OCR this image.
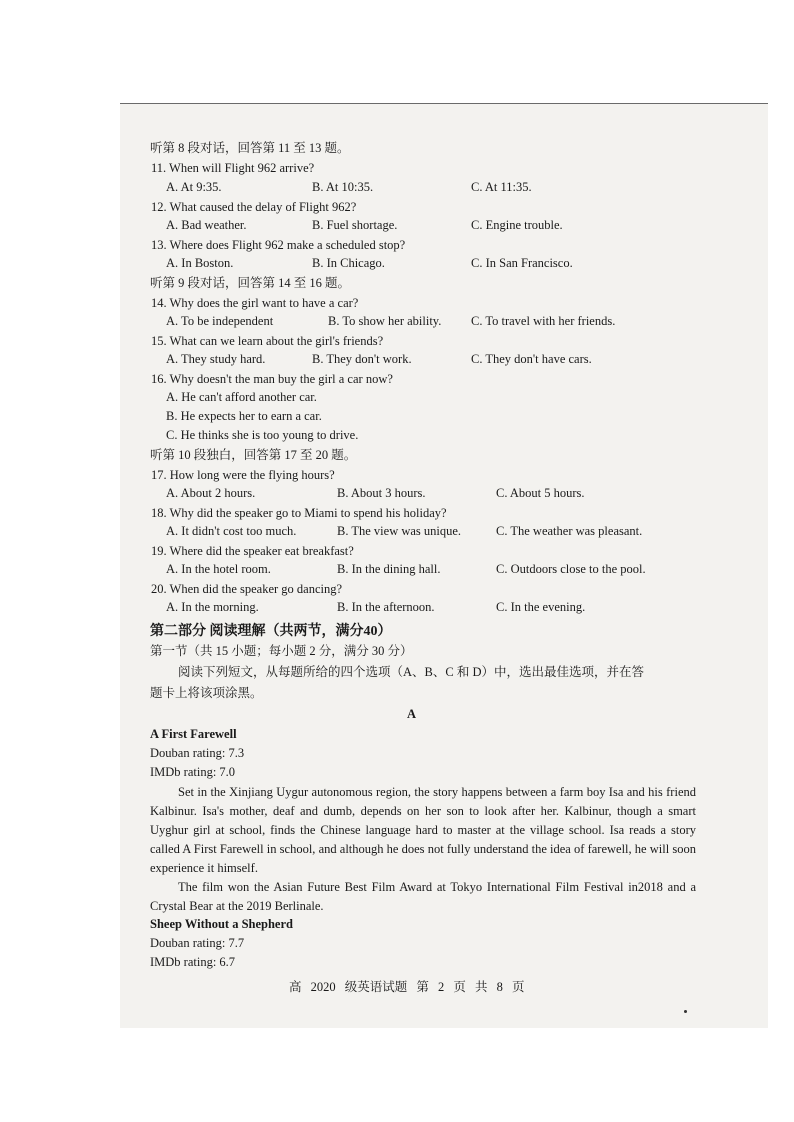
听第 8 段对话，回答第 11 至 13 题。
11. When will Flight 962 arrive?
A. At 9:35.	B. At 10:35.	C. At 11:35.
12. What caused the delay of Flight 962?
A. Bad weather.	B. Fuel shortage.	C. Engine trouble.
13. Where does Flight 962 make a scheduled stop?
A. In Boston.	B. In Chicago.	C. In San Francisco.
听第 9 段对话，回答第 14 至 16 题。
14. Why does the girl want to have a car?
A. To be independent	B. To show her ability. C. To travel with her friends.
15. What can we learn about the girl's friends?
A. They study hard.	B. They don't work.	C. They don't have cars.
16. Why doesn't the man buy the girl a car now?
A. He can't afford another car.
B. He expects her to earn a car.
C. He thinks she is too young to drive.
听第 10 段独白，回答第 17 至 20 题。
17. How long were the flying hours?
A. About 2 hours.	B. About 3 hours.	C. About 5 hours.
18. Why did the speaker go to Miami to spend his holiday?
A. It didn't cost too much.	B. The view was unique.	C. The weather was pleasant.
19. Where did the speaker eat breakfast?
A. In the hotel room.	B. In the dining hall.	C. Outdoors close to the pool.
20. When did the speaker go dancing?
A. In the morning.	B. In the afternoon.	C. In the evening.
第二部分 阅读理解（共两节，满分40）
第一节（共 15 小题；每小题 2 分，满分 30 分）
阅读下列短文，从每题所给的四个选项（A、B、C 和 D）中，选出最佳选项，并在答
题卡上将该项涂黑。
A
A First Farewell
Douban rating: 7.3
IMDb rating: 7.0
Set in the Xinjiang Uygur autonomous region, the story happens between a farm boy Isa and his friend Kalbinur. Isa's mother, deaf and dumb, depends on her son to look after her. Kalbinur, though a smart Uyghur girl at school, finds the Chinese language hard to master at the village school. Isa reads a story called A First Farewell in school, and although he does not fully understand the idea of farewell, he will soon experience it himself.
The film won the Asian Future Best Film Award at Tokyo International Film Festival in2018 and a Crystal Bear at the 2019 Berlinale.
Sheep Without a Shepherd
Douban rating: 7.7
IMDb rating: 6.7
高 2020 级英语试题 第 2 页 共 8 页
